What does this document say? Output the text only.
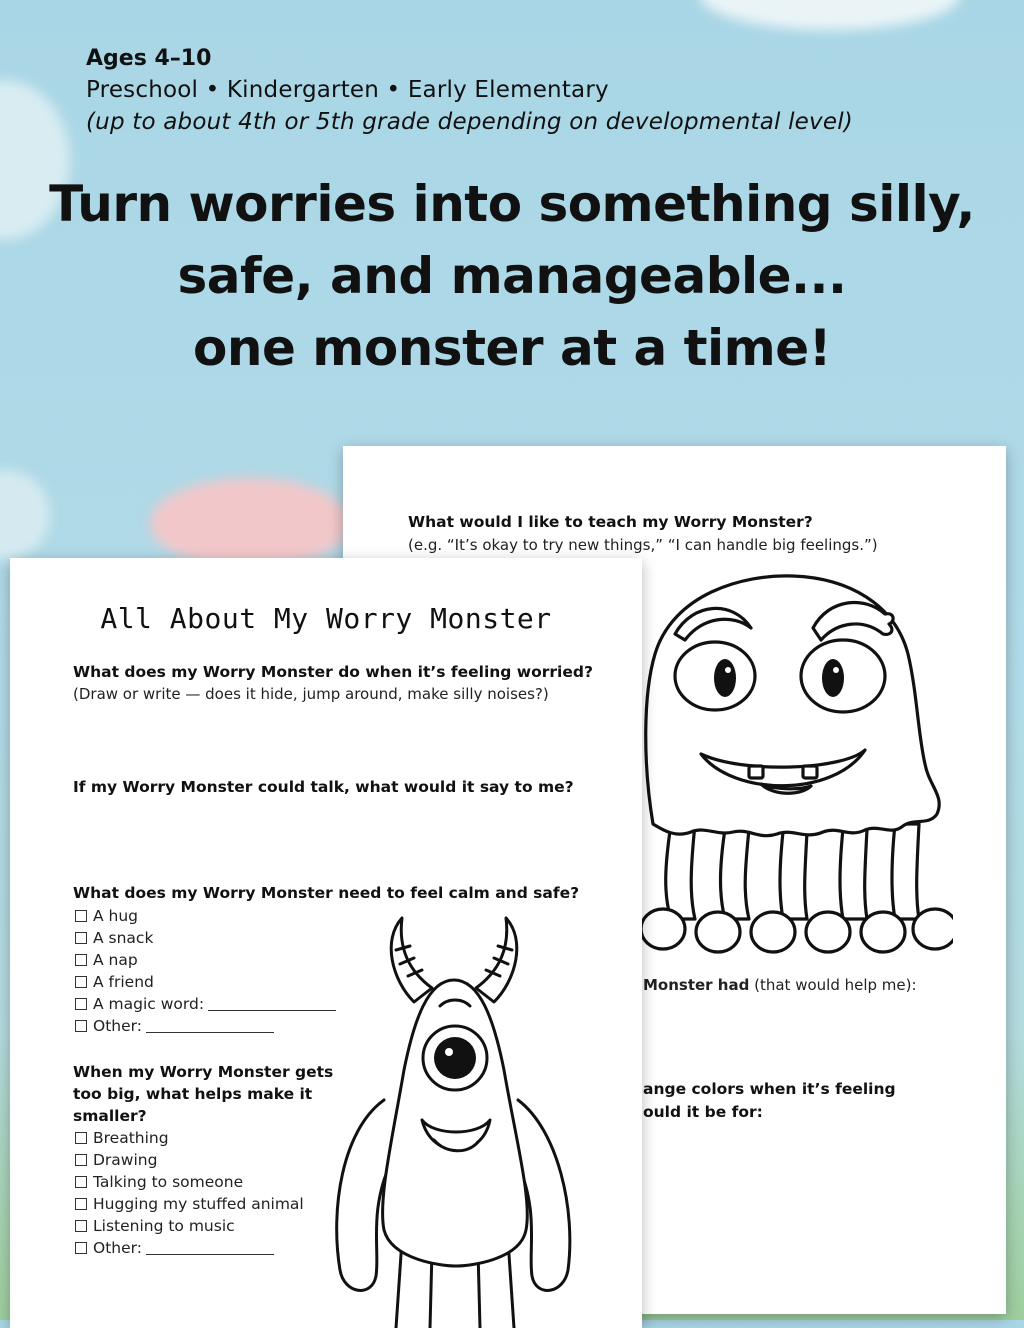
Ages 4–10

Preschool • Kindergarten • Early Elementary

(up to about 4th or 5th grade depending on developmental level)

Turn worries into something silly,
safe, and manageable...
one monster at a time!
What would I like to teach my Worry Monster?
(e.g. “It’s okay to try new things,” “I can handle big feelings.”)
Monster had (that would help me):
ange colors when it’s feeling
ould it be for:
All About My Worry Monster
What does my Worry Monster do when it’s feeling worried?
(Draw or write — does it hide, jump around, make silly noises?)
If my Worry Monster could talk, what would it say to me?
What does my Worry Monster need to feel calm and safe?
A hug
A snack
A nap
A friend
A magic word:
Other:
When my Worry Monster gets
too big, what helps make it
smaller?
Breathing
Drawing
Talking to someone
Hugging my stuffed animal
Listening to music
Other:
